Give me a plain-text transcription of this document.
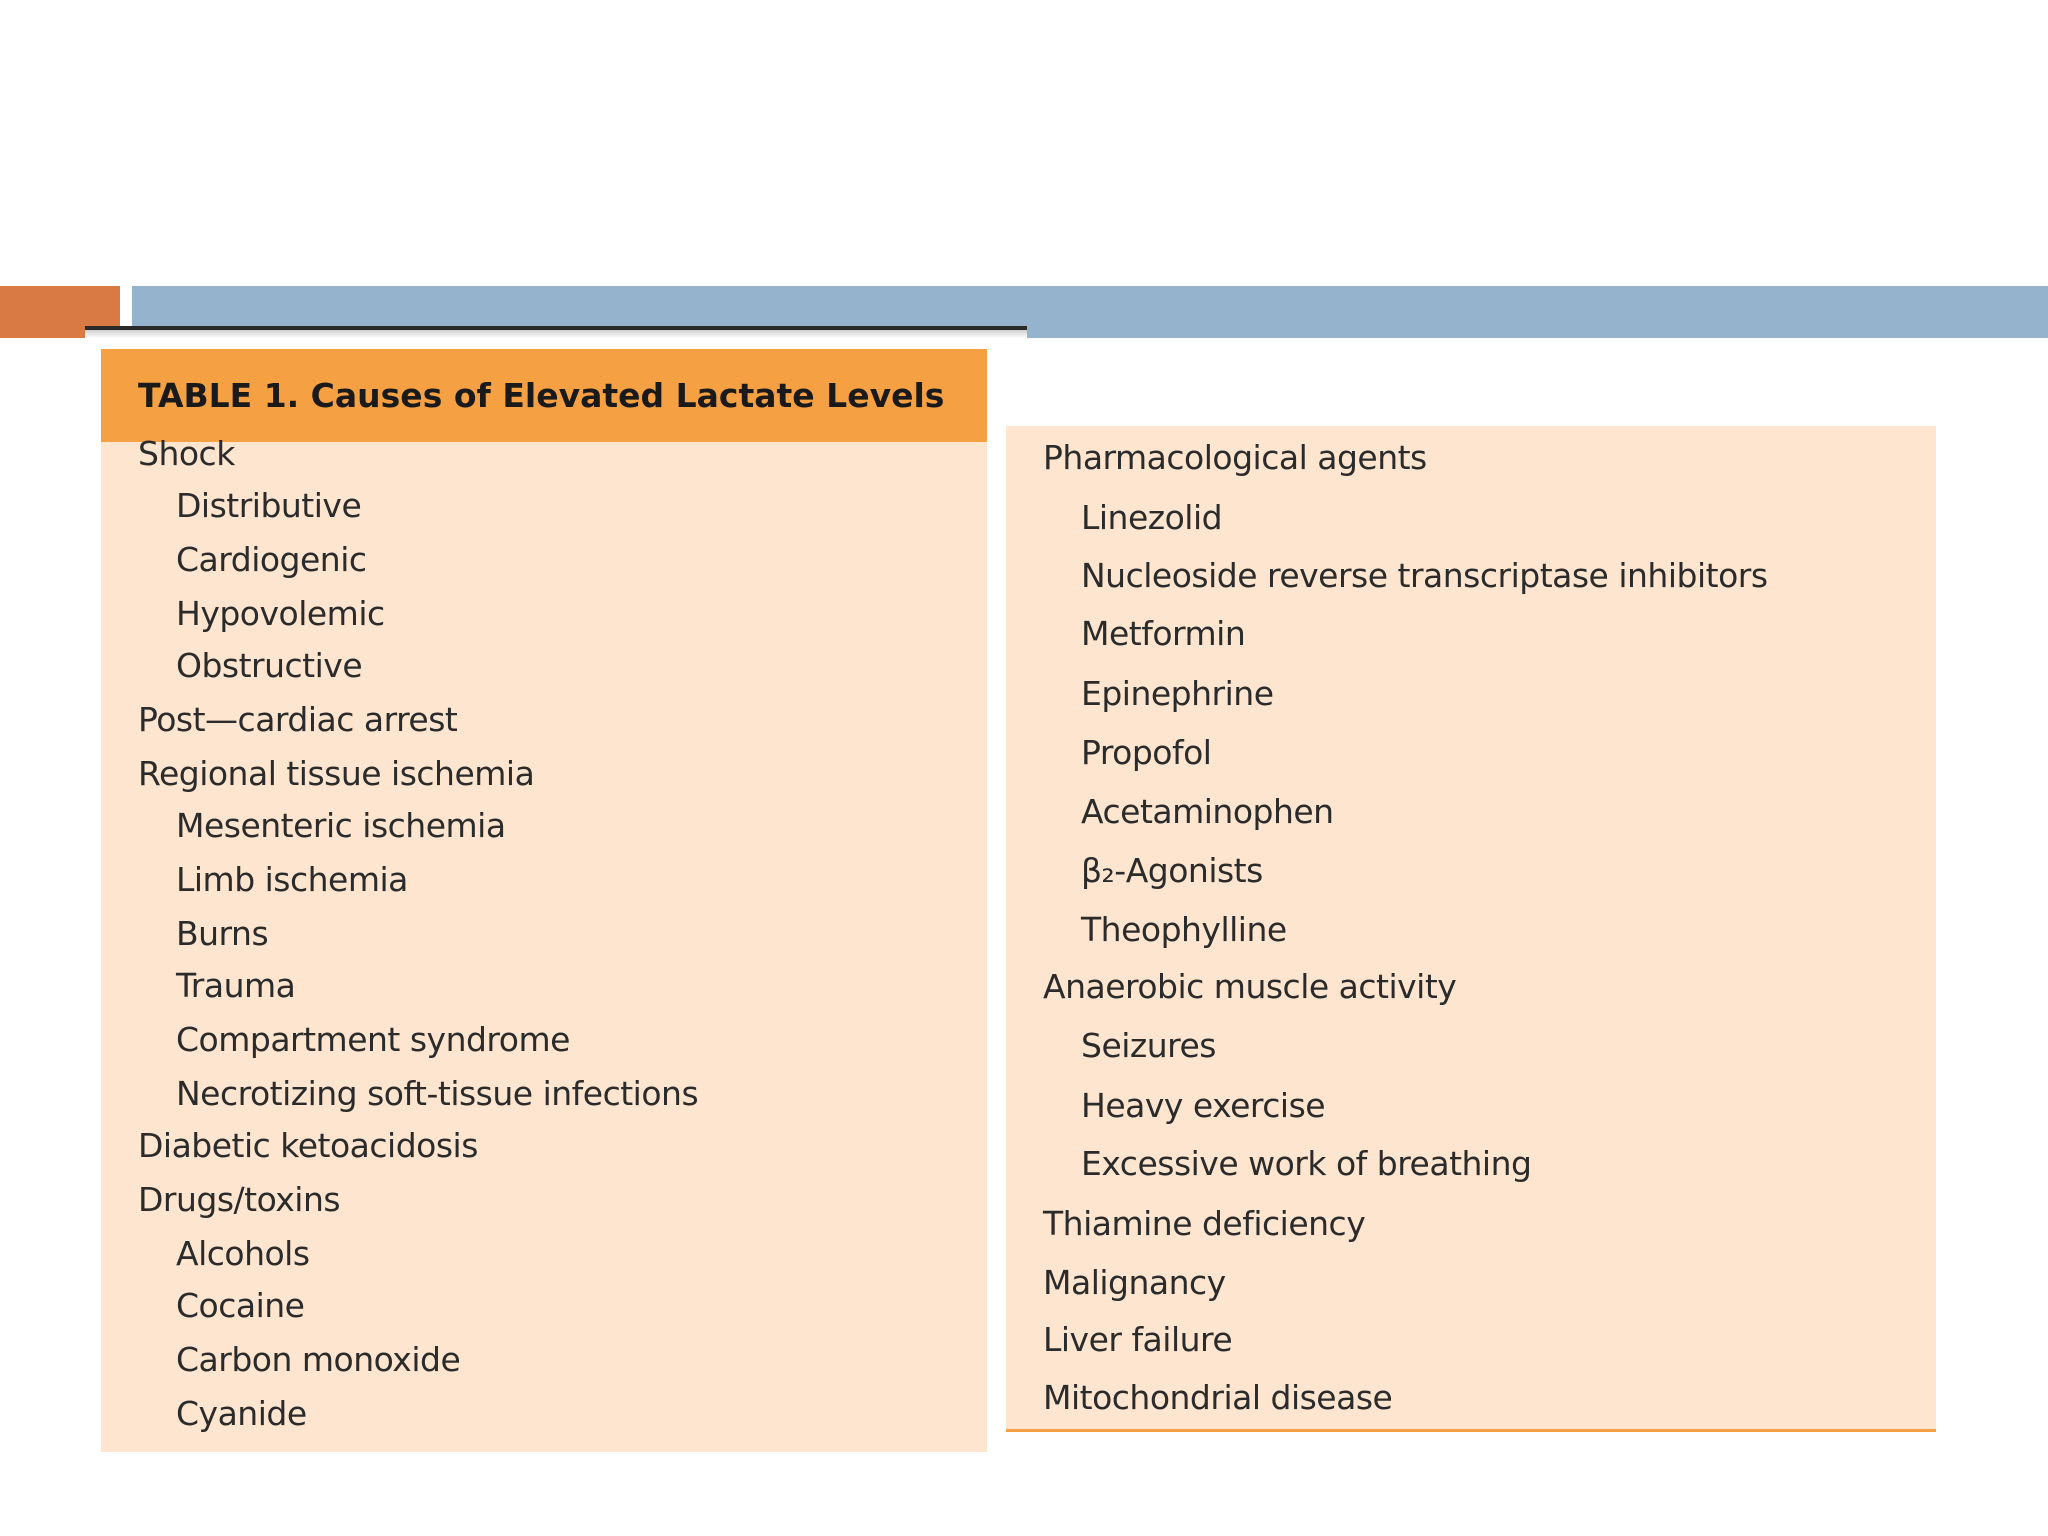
TABLE 1. Causes of Elevated Lactate Levels
Shock
Distributive
Cardiogenic
Hypovolemic
Obstructive
Post—cardiac arrest
Regional tissue ischemia
Mesenteric ischemia
Limb ischemia
Burns
Trauma
Compartment syndrome
Necrotizing soft-tissue infections
Diabetic ketoacidosis
Drugs/toxins
Alcohols
Cocaine
Carbon monoxide
Cyanide
Pharmacological agents
Linezolid
Nucleoside reverse transcriptase inhibitors
Metformin
Epinephrine
Propofol
Acetaminophen
β₂-Agonists
Theophylline
Anaerobic muscle activity
Seizures
Heavy exercise
Excessive work of breathing
Thiamine deficiency
Malignancy
Liver failure
Mitochondrial disease
